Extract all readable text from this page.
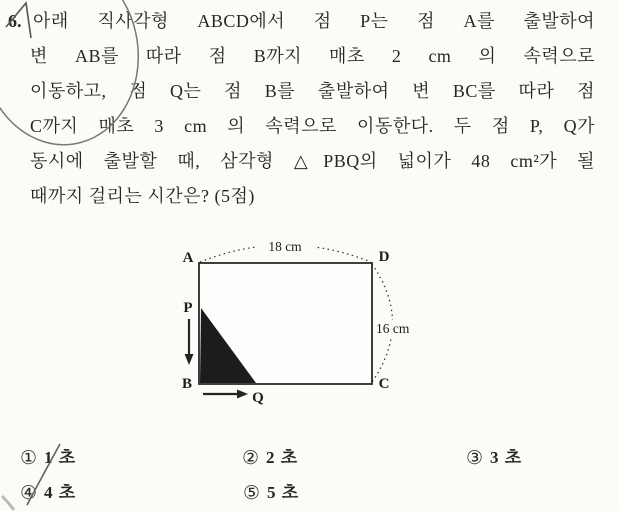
6. 아래 직사각형 ABCD에서 점 P는 점 A를 출발하여
변 AB를 따라 점 B까지 매초 2 cm 의 속력으로
이동하고, 점 Q는 점 B를 출발하여 변 BC를 따라 점
C까지 매초 3 cm 의 속력으로 이동한다. 두 점 P, Q가
동시에 출발할 때, 삼각형 △PBQ의 넓이가 48 cm²가 될
때까지 걸리는 시간은? (5점)
18 cm
16 cm
A	D
P
B	C
Q
① 1 초	② 2 초	③ 3 초
④ 4 초	⑤ 5 초
